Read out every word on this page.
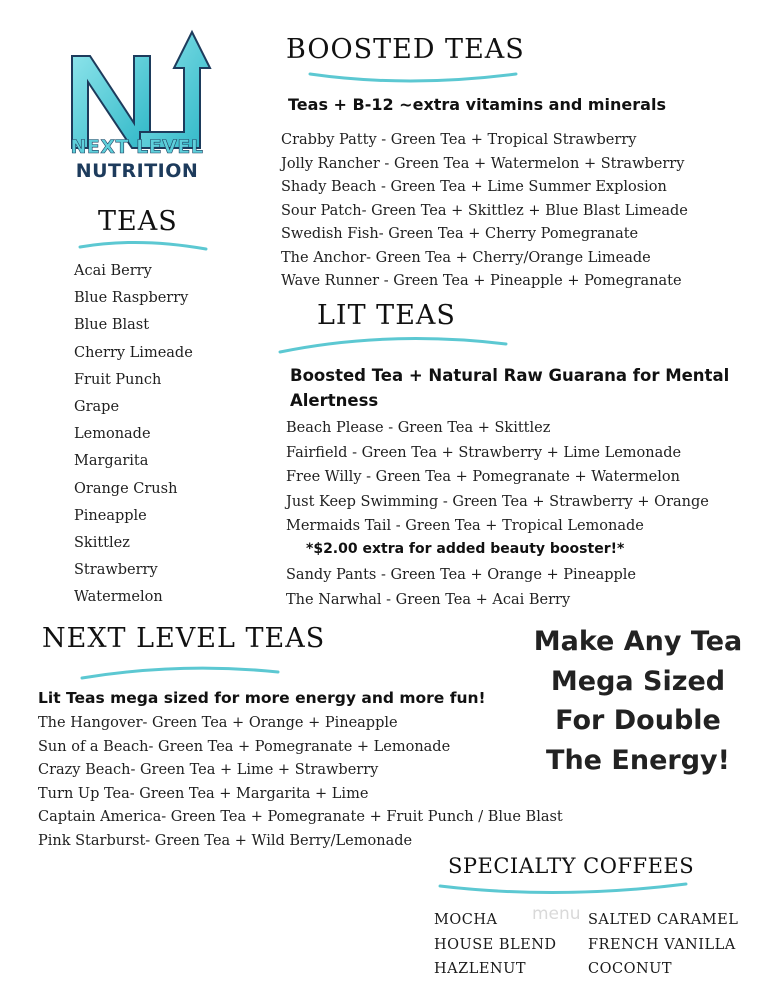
NEXT LEVEL
NUTRITION
TEAS
Acai Berry
Blue Raspberry
Blue Blast
Cherry Limeade
Fruit Punch
Grape
Lemonade
Margarita
Orange Crush
Pineapple
Skittlez
Strawberry
Watermelon
BOOSTED TEAS
Teas + B-12 ~extra vitamins and minerals
Crabby Patty - Green Tea + Tropical Strawberry
Jolly Rancher - Green Tea + Watermelon + Strawberry
Shady Beach - Green Tea + Lime Summer Explosion
Sour Patch- Green Tea + Skittlez + Blue Blast Limeade
Swedish Fish- Green Tea + Cherry Pomegranate
The Anchor- Green Tea + Cherry/Orange Limeade
Wave Runner - Green Tea + Pineapple + Pomegranate
LIT TEAS
Boosted Tea + Natural Raw Guarana for Mental
Alertness
Beach Please - Green Tea + Skittlez
Fairfield - Green Tea + Strawberry + Lime Lemonade
Free Willy - Green Tea + Pomegranate + Watermelon
Just Keep Swimming - Green Tea + Strawberry + Orange
Mermaids Tail - Green Tea + Tropical Lemonade
*$2.00 extra for added beauty booster!*
Sandy Pants - Green Tea + Orange + Pineapple
The Narwhal - Green Tea + Acai Berry
NEXT LEVEL TEAS
Lit Teas mega sized for more energy and more fun!
The Hangover- Green Tea + Orange + Pineapple
Sun of a Beach- Green Tea + Pomegranate + Lemonade
Crazy Beach- Green Tea + Lime + Strawberry
Turn Up Tea- Green Tea + Margarita + Lime
Captain America- Green Tea + Pomegranate + Fruit Punch / Blue Blast
Pink Starburst- Green Tea + Wild Berry/Lemonade
Make Any Tea
Mega Sized
For Double
The Energy!
SPECIALTY COFFEES
menu
MOCHA
HOUSE BLEND
HAZLENUT
SALTED CARAMEL
FRENCH VANILLA
COCONUT
